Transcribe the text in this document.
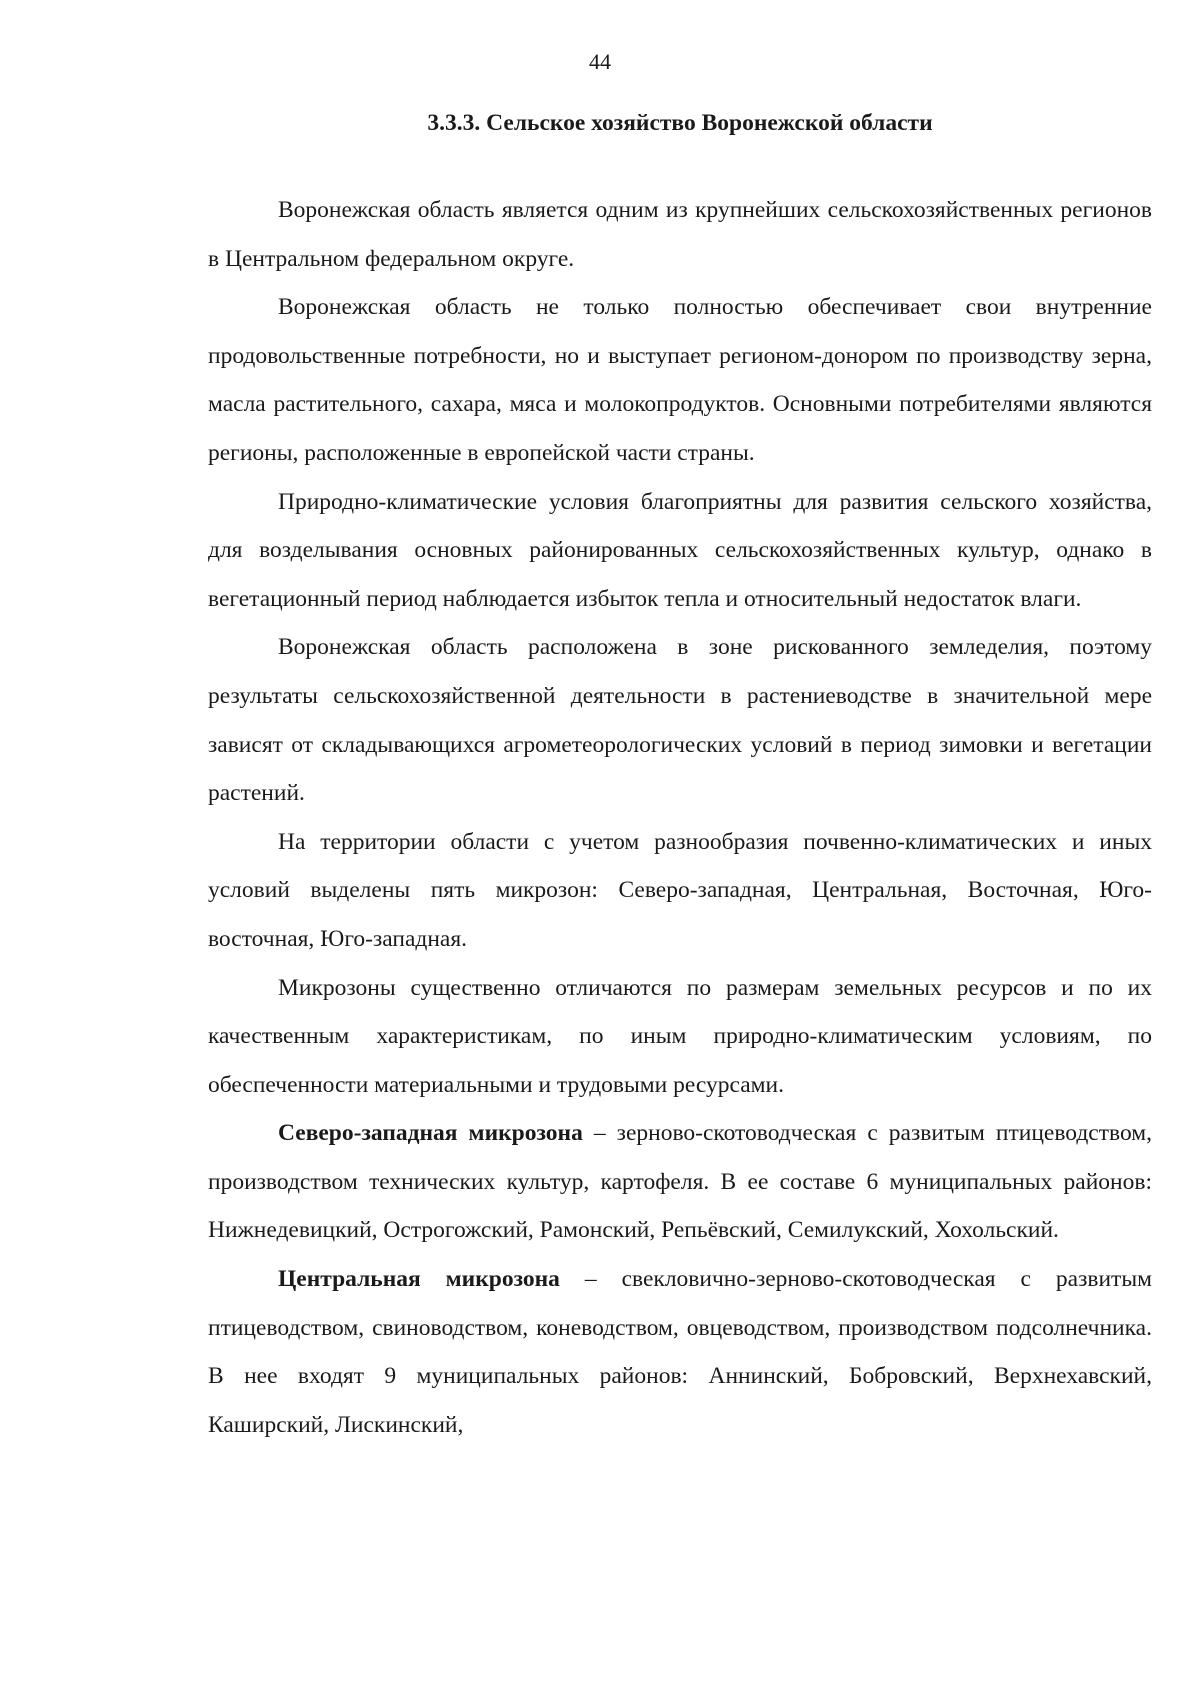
44
3.3.3. Сельское хозяйство Воронежской области

Воронежская область является одним из крупнейших сельскохозяйственных регионов в Центральном федеральном округе.

Воронежская область не только полностью обеспечивает свои внутренние продовольственные потребности, но и выступает регионом-донором по производству зерна, масла растительного, сахара, мяса и молокопродуктов. Основными потребителями являются регионы, расположенные в европейской части страны.

Природно-климатические условия благоприятны для развития сельского хозяйства, для возделывания основных районированных сельскохозяйственных культур, однако в вегетационный период наблюдается избыток тепла и относительный недостаток влаги.

Воронежская область расположена в зоне рискованного земледелия, поэтому результаты сельскохозяйственной деятельности в растениеводстве в значительной мере зависят от складывающихся агрометеорологических условий в период зимовки и вегетации растений.

На территории области с учетом разнообразия почвенно-климатических и иных условий выделены пять микрозон: Северо-западная, Центральная, Восточная, Юго-восточная, Юго-западная.

Микрозоны существенно отличаются по размерам земельных ресурсов и по их качественным характеристикам, по иным природно-климатическим условиям, по обеспеченности материальными и трудовыми ресурсами.

Северо-западная микрозона – зерново-скотоводческая с развитым птицеводством, производством технических культур, картофеля. В ее составе 6 муниципальных районов: Нижнедевицкий, Острогожский, Рамонский, Репьёвский, Семилукский, Хохольский.

Центральная микрозона – свекловично-зерново-скотоводческая с развитым птицеводством, свиноводством, коневодством, овцеводством, производством подсолнечника. В нее входят 9 муниципальных районов: Аннинский, Бобровский, Верхнехавский, Каширский, Лискинский,
